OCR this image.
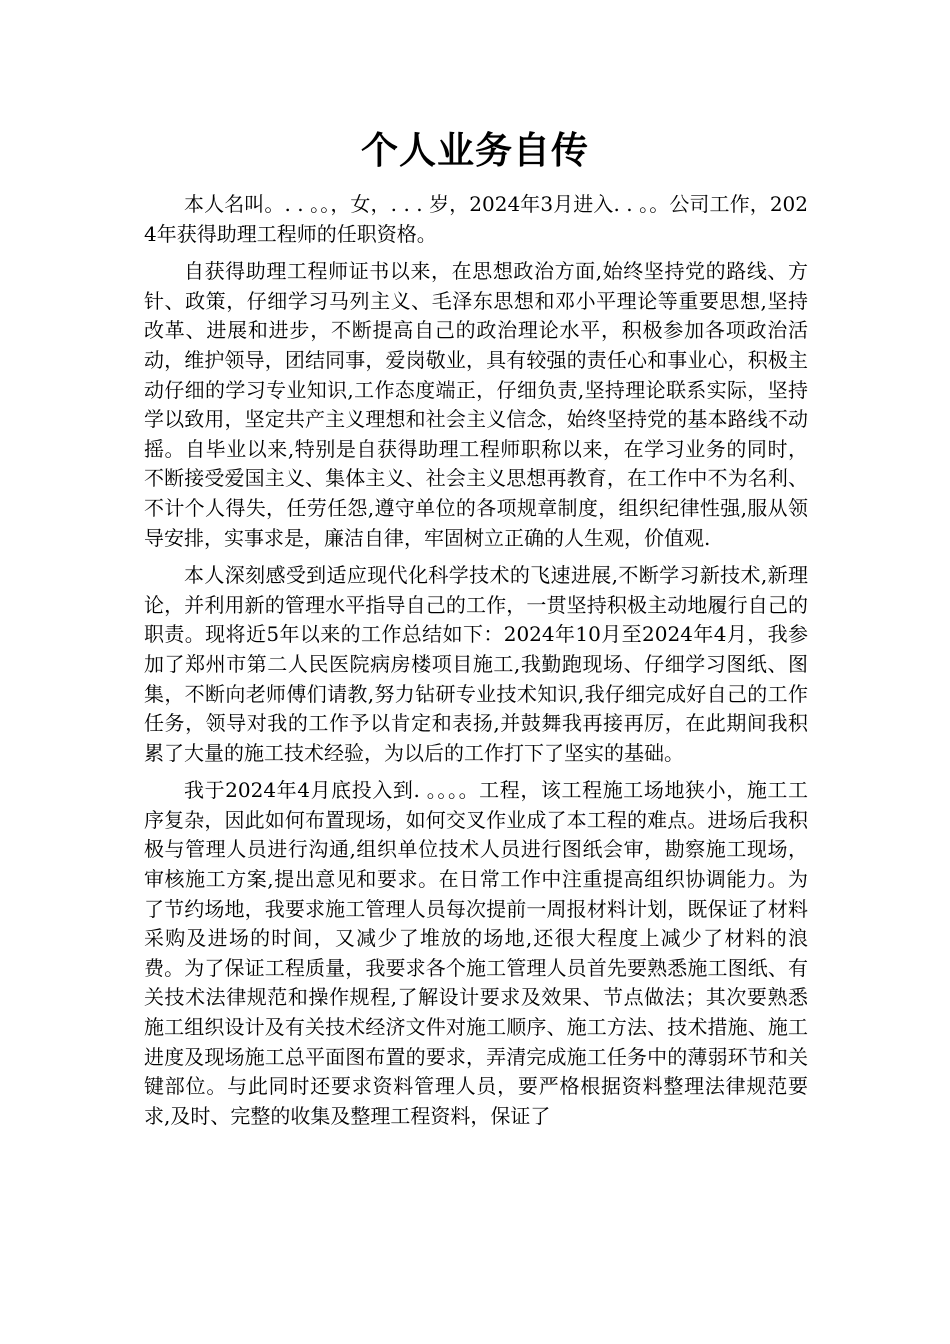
个人业务自传

本人名叫。. . 。。，女，. . . 岁，2024年3月进入. . 。。公司工作，2024年获得助理工程师的任职资格。

自获得助理工程师证书以来，在思想政治方面,始终坚持党的路线、方针、政策，仔细学习马列主义、毛泽东思想和邓小平理论等重要思想,坚持改革、进展和进步，不断提高自己的政治理论水平，积极参加各项政治活动，维护领导，团结同事，爱岗敬业，具有较强的责任心和事业心，积极主动仔细的学习专业知识,工作态度端正，仔细负责,坚持理论联系实际，坚持学以致用，坚定共产主义理想和社会主义信念，始终坚持党的基本路线不动摇。自毕业以来,特别是自获得助理工程师职称以来，在学习业务的同时，不断接受爱国主义、集体主义、社会主义思想再教育，在工作中不为名利、不计个人得失，任劳任怨,遵守单位的各项规章制度，组织纪律性强,服从领导安排，实事求是，廉洁自律，牢固树立正确的人生观，价值观.

本人深刻感受到适应现代化科学技术的飞速进展,不断学习新技术,新理论，并利用新的管理水平指导自己的工作，一贯坚持积极主动地履行自己的职责。现将近5年以来的工作总结如下：2024年10月至2024年4月，我参加了郑州市第二人民医院病房楼项目施工,我勤跑现场、仔细学习图纸、图集，不断向老师傅们请教,努力钻研专业技术知识,我仔细完成好自己的工作任务，领导对我的工作予以肯定和表扬,并鼓舞我再接再厉，在此期间我积累了大量的施工技术经验，为以后的工作打下了坚实的基础。

我于2024年4月底投入到. 。。。。工程，该工程施工场地狭小，施工工序复杂，因此如何布置现场，如何交叉作业成了本工程的难点。进场后我积极与管理人员进行沟通,组织单位技术人员进行图纸会审，勘察施工现场，审核施工方案,提出意见和要求。在日常工作中注重提高组织协调能力。为了节约场地，我要求施工管理人员每次提前一周报材料计划，既保证了材料采购及进场的时间，又减少了堆放的场地,还很大程度上减少了材料的浪费。为了保证工程质量，我要求各个施工管理人员首先要熟悉施工图纸、有关技术法律规范和操作规程,了解设计要求及效果、节点做法；其次要熟悉施工组织设计及有关技术经济文件对施工顺序、施工方法、技术措施、施工进度及现场施工总平面图布置的要求，弄清完成施工任务中的薄弱环节和关键部位。与此同时还要求资料管理人员，要严格根据资料整理法律规范要求,及时、完整的收集及整理工程资料，保证了
